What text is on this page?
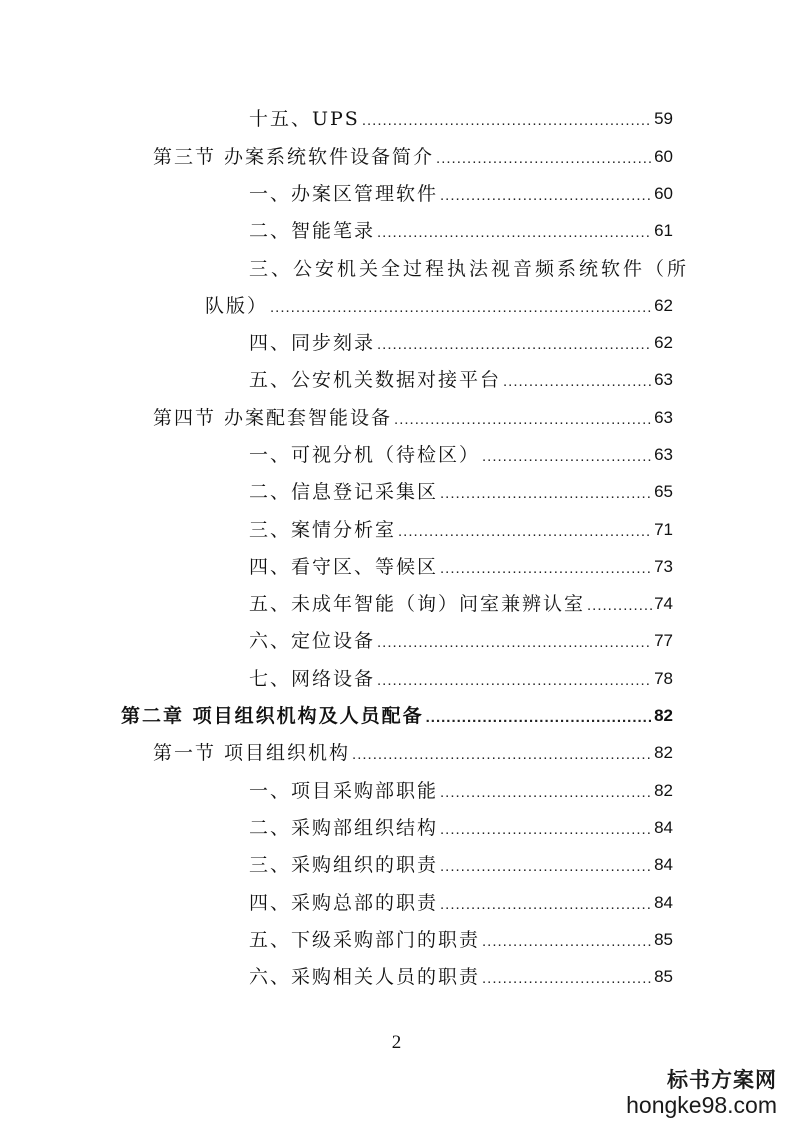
十五、UPS .....	59
第三节 办案系统软件设备简介 .....	60
一、办案区管理软件 .....	60
二、智能笔录 .....	61
三、公安机关全过程执法视音频系统软件（所
队版） .....	62
四、同步刻录 .....	62
五、公安机关数据对接平台 .....	63
第四节 办案配套智能设备 .....	63
一、可视分机（待检区） .....	63
二、信息登记采集区 .....	65
三、案情分析室 .....	71
四、看守区、等候区 .....	73
五、未成年智能（询）问室兼辨认室 .....	74
六、定位设备 .....	77
七、网络设备 .....	78
第二章 项目组织机构及人员配备 .....	82
第一节 项目组织机构 .....	82
一、项目采购部职能 .....	82
二、采购部组织结构 .....	84
三、采购组织的职责 .....	84
四、采购总部的职责 .....	84
五、下级采购部门的职责 .....	85
六、采购相关人员的职责 .....	85
2
标书方案网
hongke98.com
